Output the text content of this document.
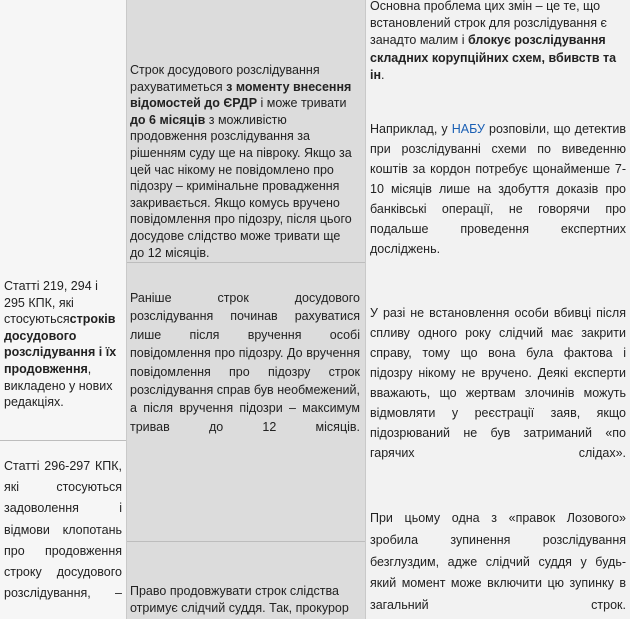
Статті 219, 294 і 295 КПК, які стосуютьсястроків досудового розслідування і їх продовження, викладено у нових редакціях.

Статті 296-297 КПК, які стосуються задоволення і відмови клопотань про продовження строку досудового розслідування, –

Строк досудового розслідування рахуватиметься з моменту внесення відомостей до ЄРДР і може тривати до 6 місяців з можливістю продовження розслідування за рішенням суду ще на півроку. Якщо за цей час нікому не повідомлено про підозру – кримінальне провадження закривається. Якщо комусь вручено повідомлення про підозру, після цього досудове слідство може тривати ще до 12 місяців.

Раніше строк досудового розслідування починав рахуватися лише після вручення особі повідомлення про підозру. До вручення повідомлення про підозру строк розслідування справ був необмежений, а після вручення підозри – максимум тривав до 12 місяців.

Право продовжувати строк слідства отримує слідчий суддя. Так, прокурор

Основна проблема цих змін – це те, що встановлений строк для розслідування є занадто малим і блокує розслідування складних корупційних схем, вбивств та ін.

Наприклад, у НАБУ розповіли, що детектив при розслідуванні схеми по виведенню коштів за кордон потребує щонайменше 7-10 місяців лише на здобуття доказів про банківські операції, не говорячи про подальше проведення експертних досліджень.

У разі не встановлення особи вбивці після спливу одного року слідчий має закрити справу, тому що вона була фактова і підозру нікому не вручено. Деякі експерти вважають, що жертвам злочинів можуть відмовляти у реєстрації заяв, якщо підозрюваний не був затриманий «по гарячих слідах».

При цьому одна з «правок Лозового» зробила зупинення розслідування безглуздим, адже слідчий суддя у будь-який момент може включити цю зупинку в загальний строк.
